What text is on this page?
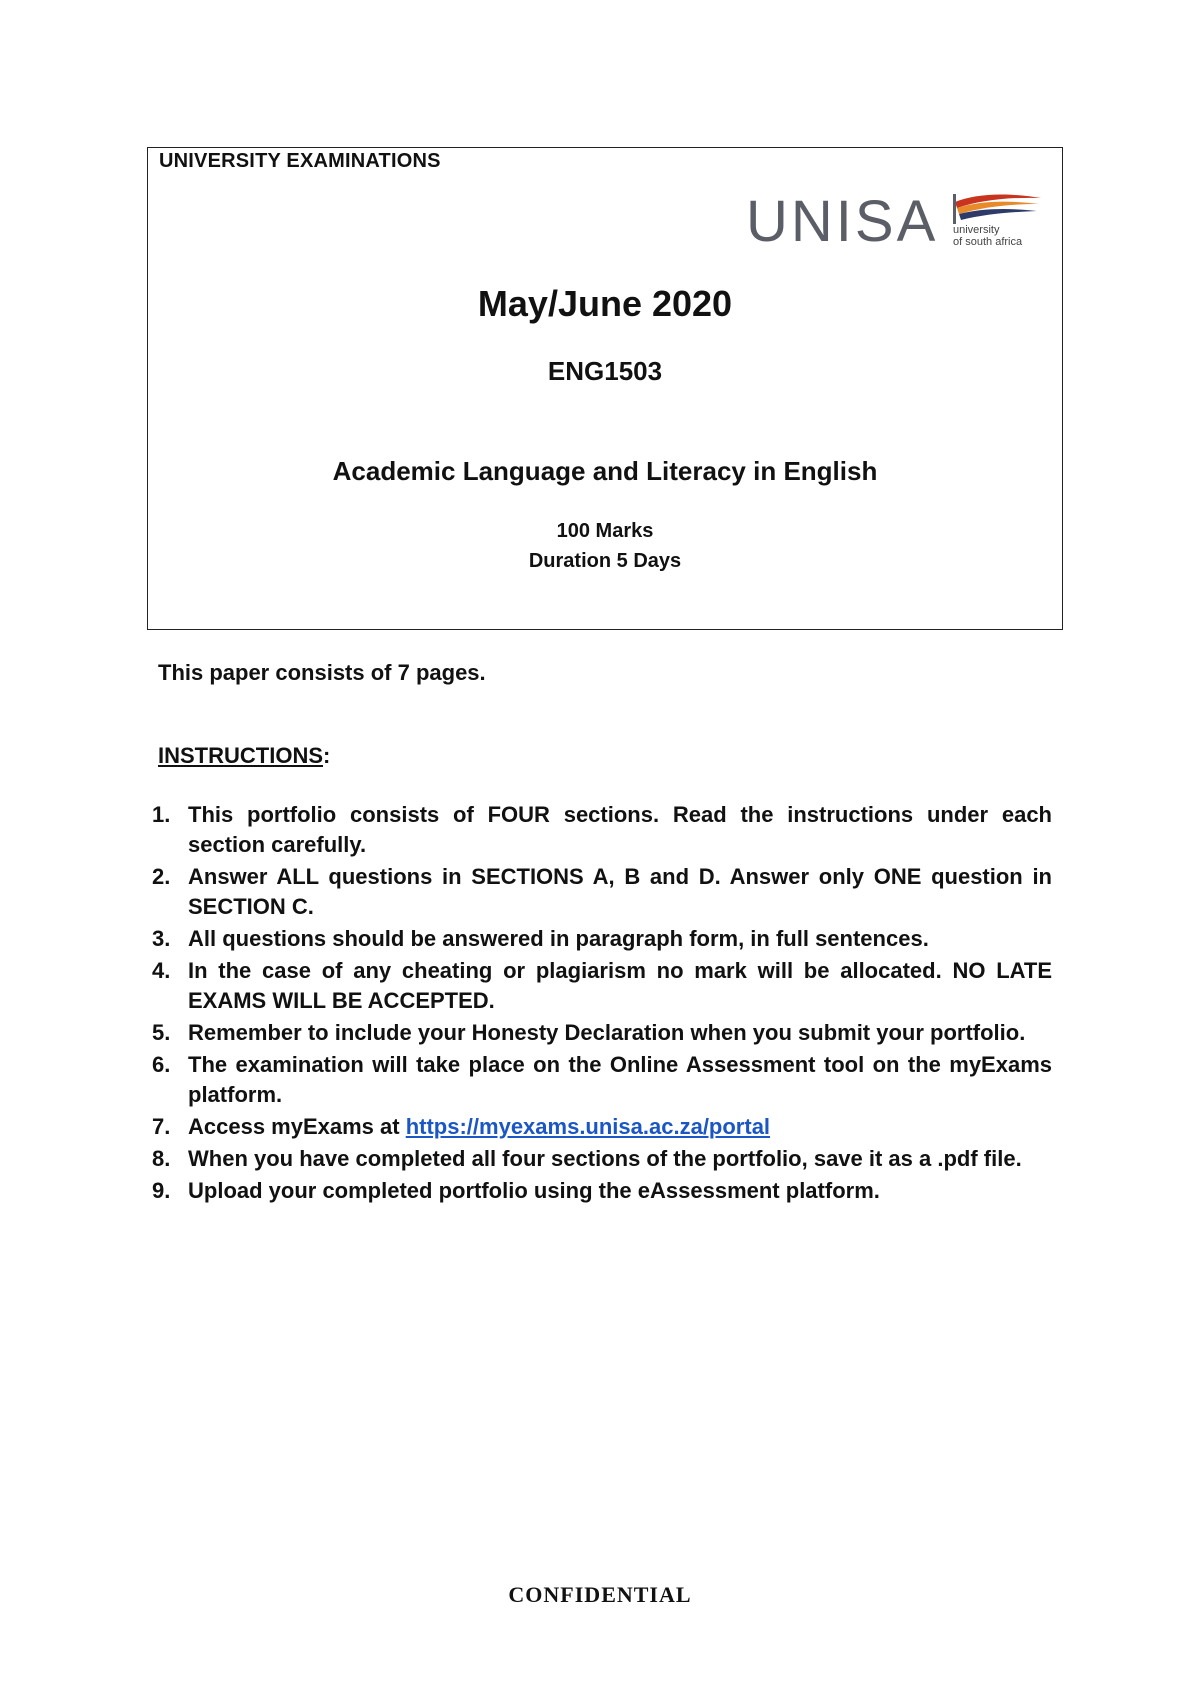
UNIVERSITY EXAMINATIONS
UNISA university
of south africa
May/June 2020
ENG1503
Academic Language and Literacy in English
100 Marks
Duration 5 Days
This paper consists of 7 pages.
INSTRUCTIONS:
1. This portfolio consists of FOUR sections. Read the instructions under each section carefully.
2. Answer ALL questions in SECTIONS A, B and D. Answer only ONE question in SECTION C.
3. All questions should be answered in paragraph form, in full sentences.
4. In the case of any cheating or plagiarism no mark will be allocated. NO LATE EXAMS WILL BE ACCEPTED.
5. Remember to include your Honesty Declaration when you submit your portfolio.
6. The examination will take place on the Online Assessment tool on the myExams platform.
7. Access myExams at https://myexams.unisa.ac.za/portal
8. When you have completed all four sections of the portfolio, save it as a .pdf file.
9. Upload your completed portfolio using the eAssessment platform.
CONFIDENTIAL
